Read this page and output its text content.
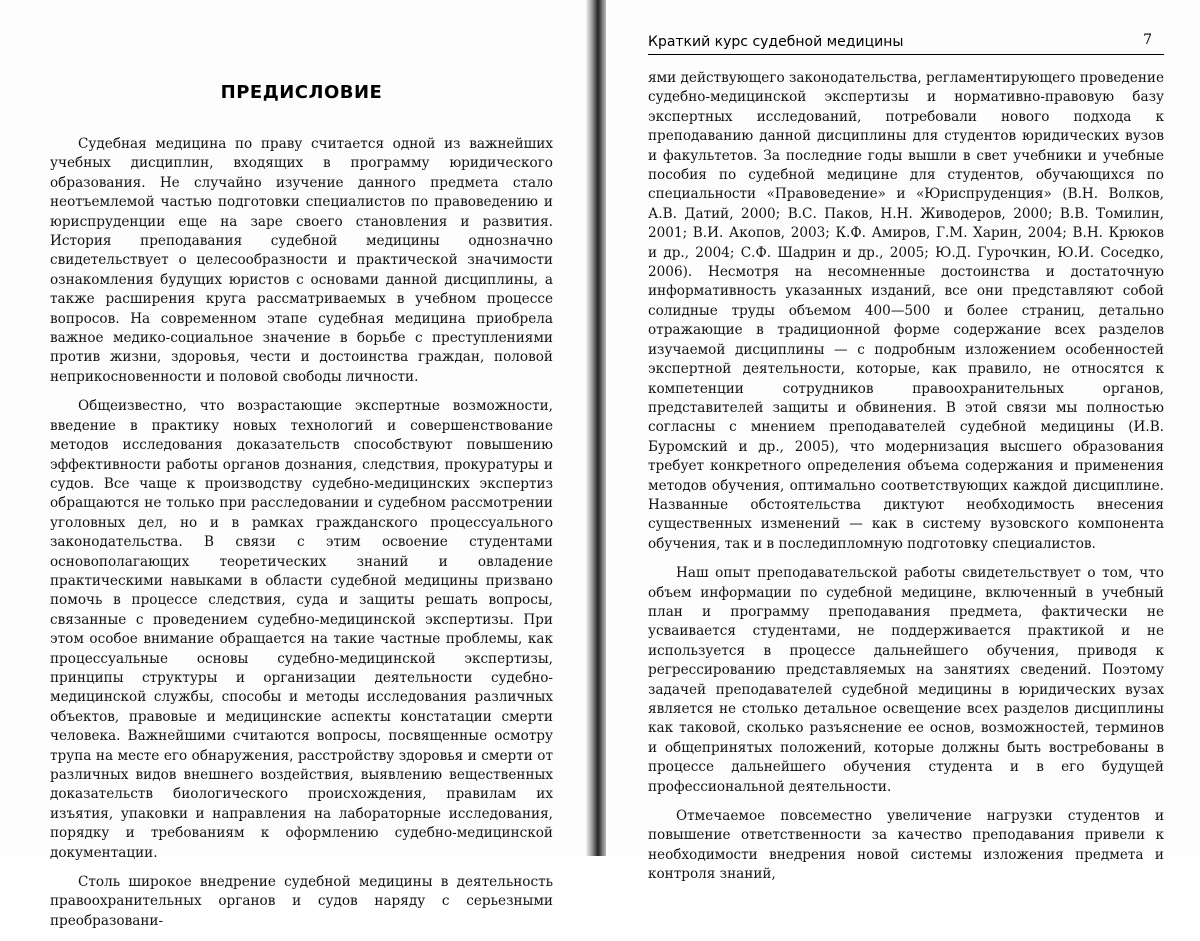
ПРЕДИСЛОВИЕ

Судебная медицина по праву считается одной из важнейших учебных дисциплин, входящих в программу юридического образования. Не случайно изучение данного предмета стало неотъемлемой частью подготовки специалистов по правоведению и юриспруденции еще на заре своего становления и развития. История преподавания судебной медицины однозначно свидетельствует о целесообразности и практической значимости ознакомления будущих юристов с основами данной дисциплины, а также расширения круга рассматриваемых в учебном процессе вопросов. На современном этапе судебная медицина приобрела важное медико-социальное значение в борьбе с преступлениями против жизни, здоровья, чести и достоинства граждан, половой неприкосновенности и половой свободы личности.

Общеизвестно, что возрастающие экспертные возможности, введение в практику новых технологий и совершенствование методов исследования доказательств способствуют повышению эффективности работы органов дознания, следствия, прокуратуры и судов. Все чаще к производству судебно-медицинских экспертиз обращаются не только при расследовании и судебном рассмотрении уголовных дел, но и в рамках гражданского процессуального законодательства. В связи с этим освоение студентами основополагающих теоретических знаний и овладение практическими навыками в области судебной медицины призвано помочь в процессе следствия, суда и защиты решать вопросы, связанные с проведением судебно-медицинской экспертизы. При этом особое внимание обращается на такие частные проблемы, как процессуальные основы судебно-медицинской экспертизы, принципы структуры и организации деятельности судебно-медицинской службы, способы и методы исследования различных объектов, правовые и медицинские аспекты констатации смерти человека. Важнейшими считаются вопросы, посвященные осмотру трупа на месте его обнаружения, расстройству здоровья и смерти от различных видов внешнего воздействия, выявлению вещественных доказательств биологического происхождения, правилам их изъятия, упаковки и направления на лабораторные исследования, порядку и требованиям к оформлению судебно-медицинской документации.

Столь широкое внедрение судебной медицины в деятельность правоохранительных органов и судов наряду с серьезными преобразовани-

Краткий курс судебной медицины	7

ями действующего законодательства, регламентирующего проведение судебно-медицинской экспертизы и нормативно-правовую базу экспертных исследований, потребовали нового подхода к преподаванию данной дисциплины для студентов юридических вузов и факультетов. За последние годы вышли в свет учебники и учебные пособия по судебной медицине для студентов, обучающихся по специальности «Правоведение» и «Юриспруденция» (В.Н. Волков, А.В. Датий, 2000; В.С. Паков, Н.Н. Живодеров, 2000; В.В. Томилин, 2001; В.И. Акопов, 2003; К.Ф. Амиров, Г.М. Харин, 2004; В.Н. Крюков и др., 2004; С.Ф. Шадрин и др., 2005; Ю.Д. Гурочкин, Ю.И. Соседко, 2006). Несмотря на несомненные достоинства и достаточную информативность указанных изданий, все они представляют собой солидные труды объемом 400—500 и более страниц, детально отражающие в традиционной форме содержание всех разделов изучаемой дисциплины — с подробным изложением особенностей экспертной деятельности, которые, как правило, не относятся к компетенции сотрудников правоохранительных органов, представителей защиты и обвинения. В этой связи мы полностью согласны с мнением преподавателей судебной медицины (И.В. Буромский и др., 2005), что модернизация высшего образования требует конкретного определения объема содержания и применения методов обучения, оптимально соответствующих каждой дисциплине. Названные обстоятельства диктуют необходимость внесения существенных изменений — как в систему вузовского компонента обучения, так и в последипломную подготовку специалистов.

Наш опыт преподавательской работы свидетельствует о том, что объем информации по судебной медицине, включенный в учебный план и программу преподавания предмета, фактически не усваивается студентами, не поддерживается практикой и не используется в процессе дальнейшего обучения, приводя к регрессированию представляемых на занятиях сведений. Поэтому задачей преподавателей судебной медицины в юридических вузах является не столько детальное освещение всех разделов дисциплины как таковой, сколько разъяснение ее основ, возможностей, терминов и общепринятых положений, которые должны быть востребованы в процессе дальнейшего обучения студента и в его будущей профессиональной деятельности.

Отмечаемое повсеместно увеличение нагрузки студентов и повышение ответственности за качество преподавания привели к необходимости внедрения новой системы изложения предмета и контроля знаний,
